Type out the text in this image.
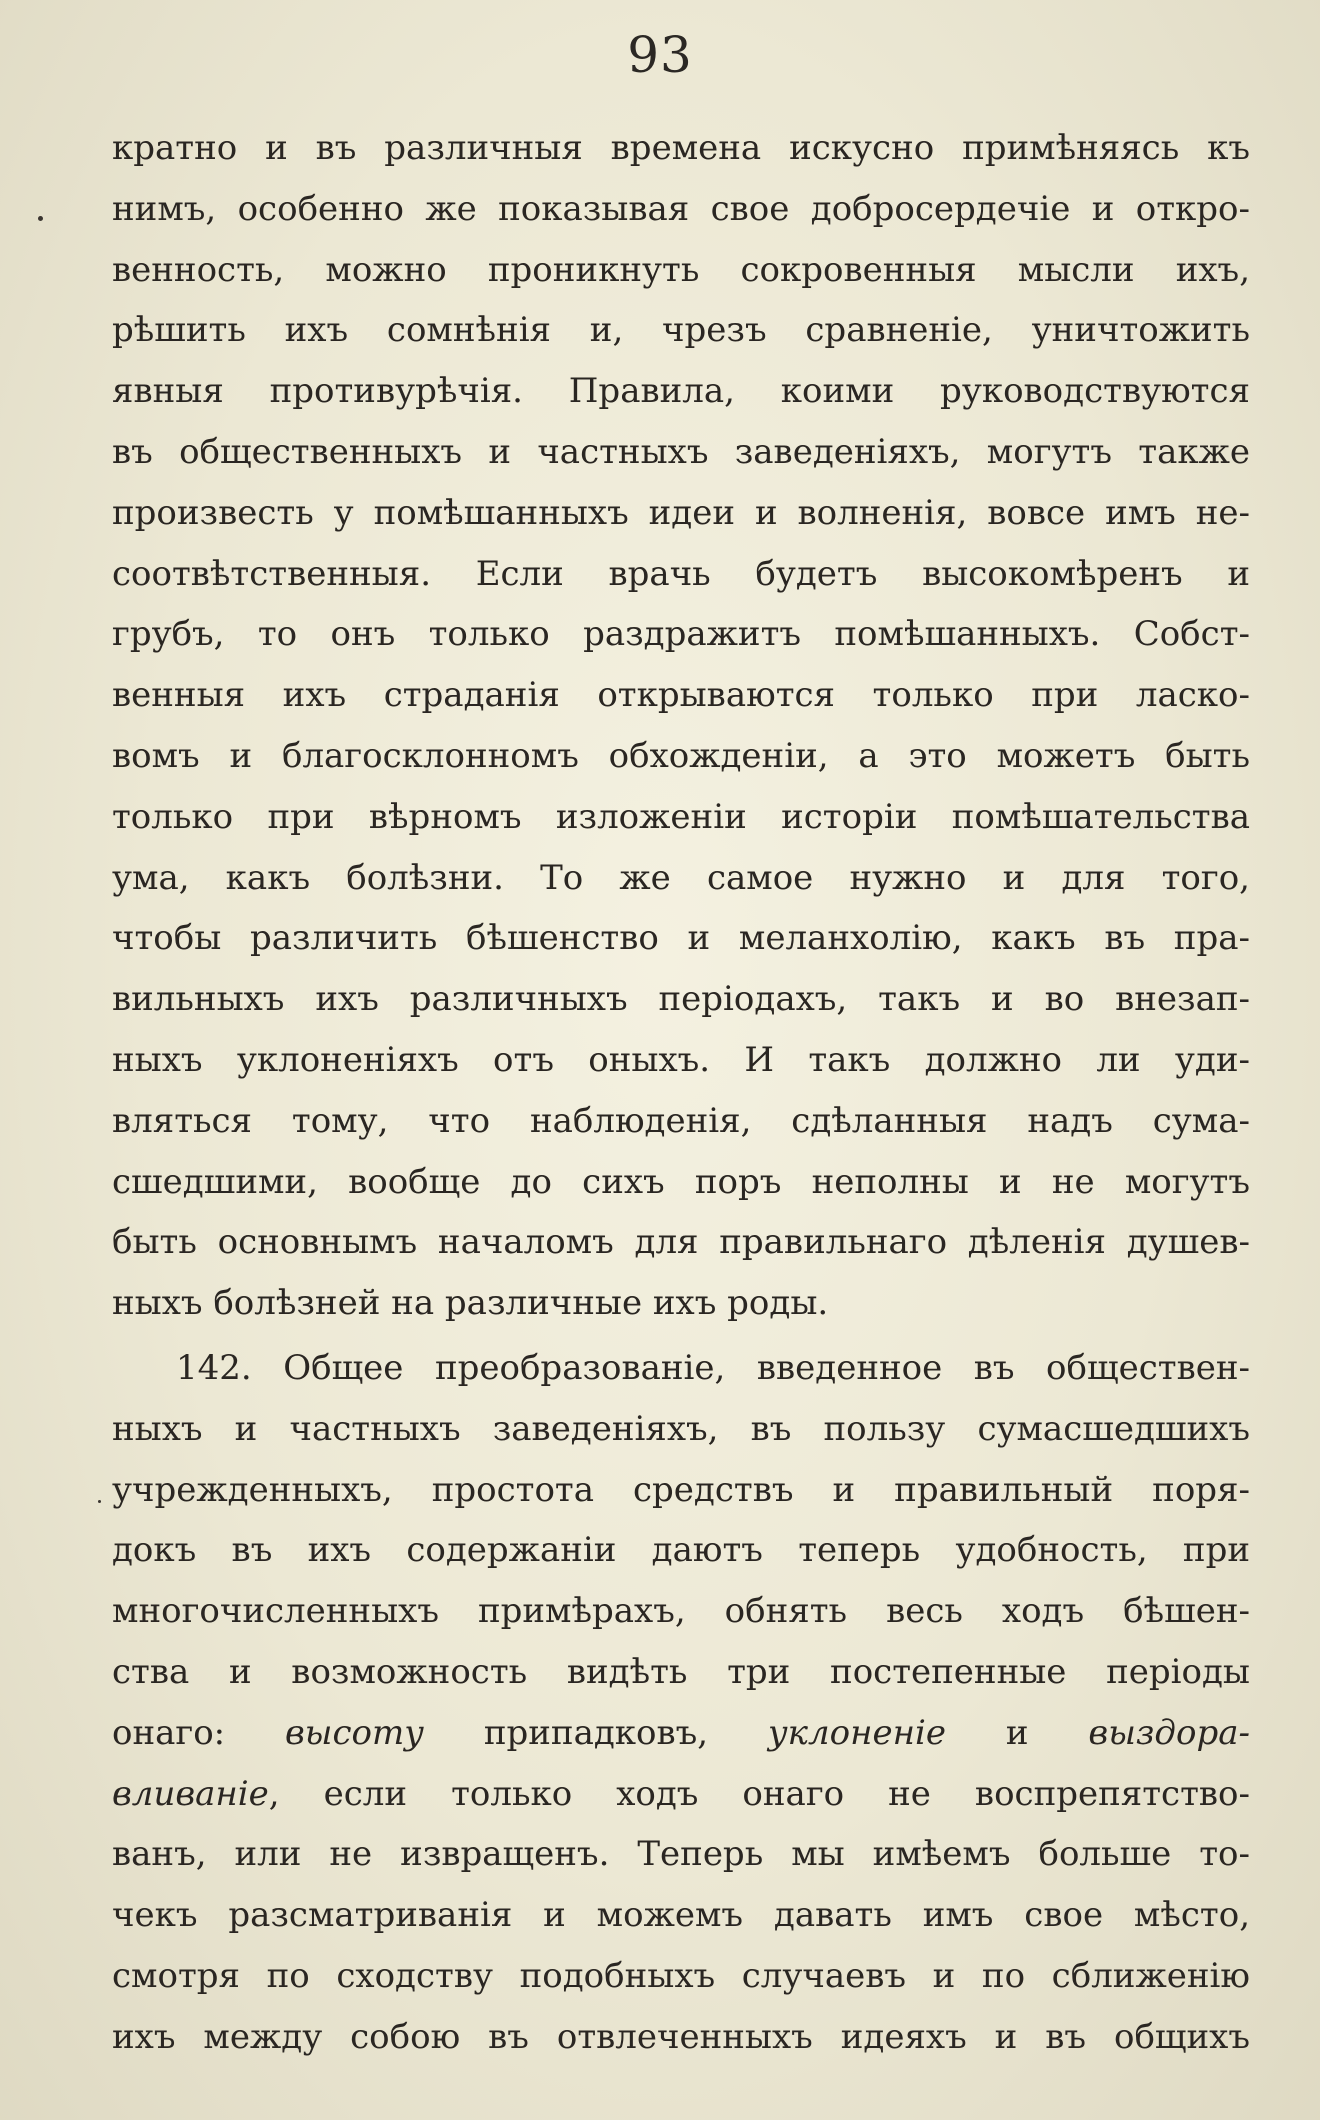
93
кратно и въ различныя времена искусно примѣняясь къ
нимъ, особенно же показывая свое добросердечіе и откро-
венность, можно проникнуть сокровенныя мысли ихъ,
рѣшить ихъ сомнѣнія и, чрезъ сравненіе, уничтожить
явныя противурѣчія. Правила, коими руководствуются
въ общественныхъ и частныхъ заведеніяхъ, могутъ также
произвесть у помѣшанныхъ идеи и волненія, вовсе имъ не-
соотвѣтственныя. Если врачь будетъ высокомѣренъ и
грубъ, то онъ только раздражитъ помѣшанныхъ. Собст-
венныя ихъ страданія открываются только при ласко-
вомъ и благосклонномъ обхожденіи, а это можетъ быть
только при вѣрномъ изложеніи исторіи помѣшательства
ума, какъ болѣзни. То же самое нужно и для того,
чтобы различить бѣшенство и меланхолію, какъ въ пра-
вильныхъ ихъ различныхъ періодахъ, такъ и во внезап-
ныхъ уклоненіяхъ отъ оныхъ. И такъ должно ли уди-
вляться тому, что наблюденія, сдѣланныя надъ сума-
сшедшими, вообще до сихъ поръ неполны и не могутъ
быть основнымъ началомъ для правильнаго дѣленія душев-
ныхъ болѣзней на различные ихъ роды.
142. Общее преобразованіе, введенное въ обществен-
ныхъ и частныхъ заведеніяхъ, въ пользу сумасшедшихъ
учрежденныхъ, простота средствъ и правильный поря-
докъ въ ихъ содержаніи даютъ теперь удобность, при
многочисленныхъ примѣрахъ, обнять весь ходъ бѣшен-
ства и возможность видѣть три постепенные періоды
онаго: высоту припадковъ, уклоненіе и выздора-
вливаніе, если только ходъ онаго не воспрепятство-
ванъ, или не извращенъ. Теперь мы имѣемъ больше то-
чекъ разсматриванія и можемъ давать имъ свое мѣсто,
смотря по сходству подобныхъ случаевъ и по сближенію
ихъ между собою въ отвлеченныхъ идеяхъ и въ общихъ
